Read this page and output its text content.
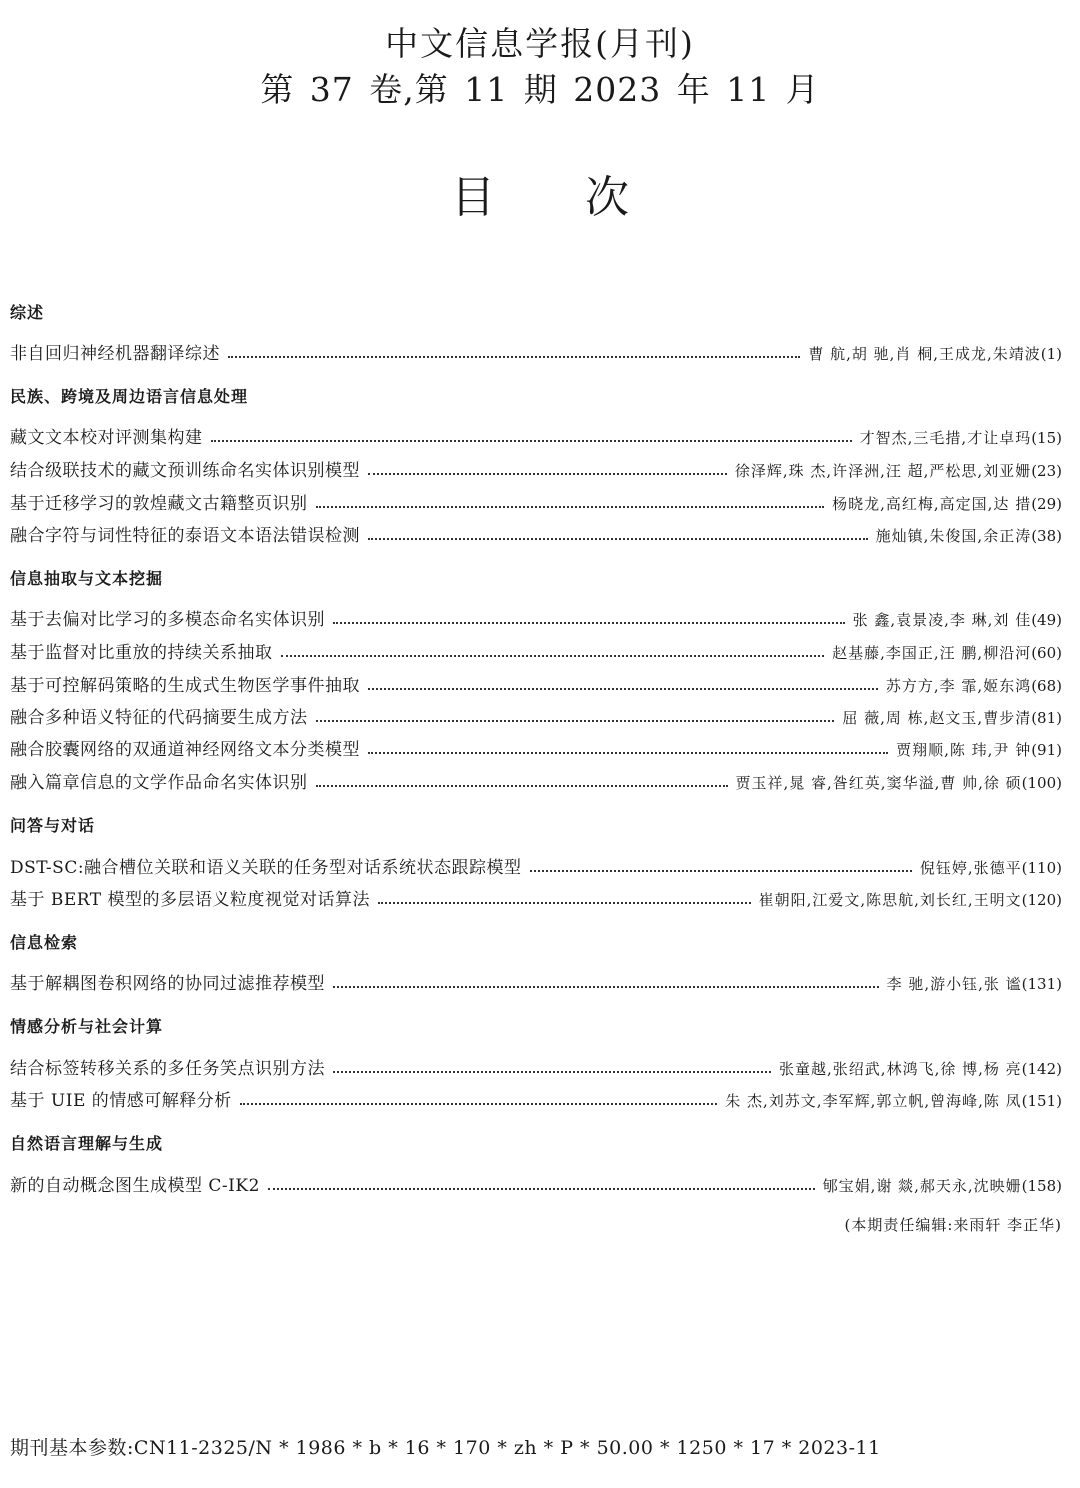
中文信息学报(月刊)
第 37 卷,第 11 期 2023 年 11 月
目 次
综述
非自回归神经机器翻译综述	曹 航,胡 驰,肖 桐,王成龙,朱靖波 (1)
民族、跨境及周边语言信息处理
藏文文本校对评测集构建	才智杰,三毛措,才让卓玛 (15)
结合级联技术的藏文预训练命名实体识别模型	徐泽辉,珠 杰,许泽洲,汪 超,严松思,刘亚姗 (23)
基于迁移学习的敦煌藏文古籍整页识别	杨晓龙,高红梅,高定国,达 措 (29)
融合字符与词性特征的泰语文本语法错误检测	施灿镇,朱俊国,余正涛 (38)
信息抽取与文本挖掘
基于去偏对比学习的多模态命名实体识别	张 鑫,袁景凌,李 琳,刘 佳 (49)
基于监督对比重放的持续关系抽取	赵基藤,李国正,汪 鹏,柳沿河 (60)
基于可控解码策略的生成式生物医学事件抽取	苏方方,李 霏,姬东鸿 (68)
融合多种语义特征的代码摘要生成方法	屈 薇,周 栋,赵文玉,曹步清 (81)
融合胶囊网络的双通道神经网络文本分类模型	贾翔顺,陈 玮,尹 钟 (91)
融入篇章信息的文学作品命名实体识别	贾玉祥,晁 睿,昝红英,窦华溢,曹 帅,徐 硕 (100)
问答与对话
DST-SC:融合槽位关联和语义关联的任务型对话系统状态跟踪模型	倪钰婷,张德平 (110)
基于 BERT 模型的多层语义粒度视觉对话算法	崔朝阳,江爱文,陈思航,刘长红,王明文 (120)
信息检索
基于解耦图卷积网络的协同过滤推荐模型	李 驰,游小钰,张 谧 (131)
情感分析与社会计算
结合标签转移关系的多任务笑点识别方法	张童越,张绍武,林鸿飞,徐 博,杨 亮 (142)
基于 UIE 的情感可解释分析	朱 杰,刘苏文,李军辉,郭立帆,曾海峰,陈 凤 (151)
自然语言理解与生成
新的自动概念图生成模型 C-IK2	郇宝娟,谢 燚,郝天永,沈映姗 (158)
(本期责任编辑:来雨轩 李正华)
期刊基本参数:CN11-2325/N * 1986 * b * 16 * 170 * zh * P * 50.00 * 1250 * 17 * 2023-11
